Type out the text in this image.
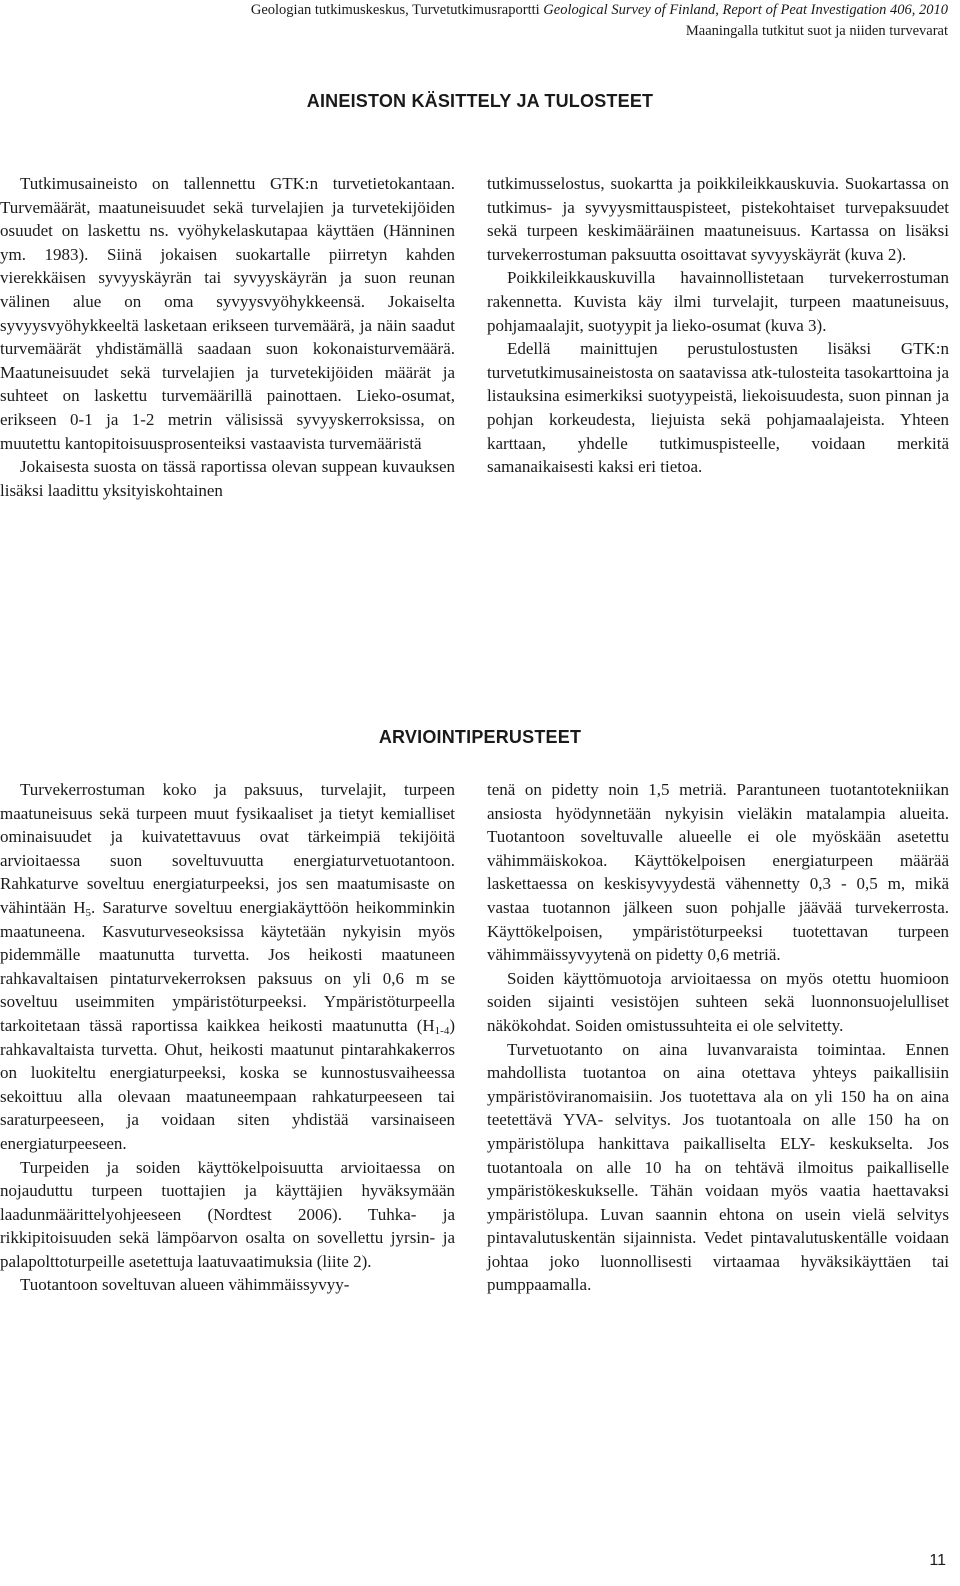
Geologian tutkimuskeskus, Turvetutkimusraportti Geological Survey of Finland, Report of Peat Investigation 406, 2010
Maaningalla tutkitut suot ja niiden turvevarat
AINEISTON KÄSITTELY JA TULOSTEET

Tutkimusaineisto on tallennettu GTK:n turvetietokantaan. Turvemäärät, maatuneisuudet sekä turvelajien ja turvetekijöiden osuudet on laskettu ns. vyöhykelaskutapaa käyttäen (Hänninen ym. 1983). Siinä jokaisen suokartalle piirretyn kahden vierekkäisen syvyyskäyrän tai syvyyskäyrän ja suon reunan välinen alue on oma syvyysvyöhykkeensä. Jokaiselta syvyysvyöhykkeeltä lasketaan erikseen turvemäärä, ja näin saadut turvemäärät yhdistämällä saadaan suon kokonaisturvemäärä. Maatuneisuudet sekä turvelajien ja turvetekijöiden määrät ja suhteet on laskettu turvemäärillä painottaen. Lieko-osumat, erikseen 0-1 ja 1-2 metrin välisissä syvyyskerroksissa, on muutettu kantopitoisuusprosenteiksi vastaavista turvemääristä

Jokaisesta suosta on tässä raportissa olevan suppean kuvauksen lisäksi laadittu yksityiskohtainen

tutkimusselostus, suokartta ja poikkileikkauskuvia. Suokartassa on tutkimus- ja syvyysmittauspisteet, pistekohtaiset turvepaksuudet sekä turpeen keskimääräinen maatuneisuus. Kartassa on lisäksi turvekerrostuman paksuutta osoittavat syvyyskäyrät (kuva 2).

Poikkileikkauskuvilla havainnollistetaan turvekerrostuman rakennetta. Kuvista käy ilmi turvelajit, turpeen maatuneisuus, pohjamaalajit, suotyypit ja lieko-osumat (kuva 3).

Edellä mainittujen perustulostusten lisäksi GTK:n turvetutkimusaineistosta on saatavissa atk-tulosteita tasokarttoina ja listauksina esimerkiksi suotyypeistä, liekoisuudesta, suon pinnan ja pohjan korkeudesta, liejuista sekä pohjamaalajeista. Yhteen karttaan, yhdelle tutkimuspisteelle, voidaan merkitä samanaikaisesti kaksi eri tietoa.

ARVIOINTIPERUSTEET

Turvekerrostuman koko ja paksuus, turvelajit, turpeen maatuneisuus sekä turpeen muut fysikaaliset ja tietyt kemialliset ominaisuudet ja kuivatettavuus ovat tärkeimpiä tekijöitä arvioitaessa suon soveltuvuutta energiaturvetuotantoon. Rahkaturve soveltuu energiaturpeeksi, jos sen maatumisaste on vähintään $H_5$. Saraturve soveltuu energiakäyttöön heikomminkin maatuneena. Kasvuturveseoksissa käytetään nykyisin myös pidemmälle maatunutta turvetta. Jos heikosti maatuneen rahkavaltaisen pintaturvekerroksen paksuus on yli 0,6 m se soveltuu useimmiten ympäristöturpeeksi. Ympäristöturpeella tarkoitetaan tässä raportissa kaikkea heikosti maatunutta $(H_{1-4})$ rahkavaltaista turvetta. Ohut, heikosti maatunut pintarahkakerros on luokiteltu energiaturpeeksi, koska se kunnostusvaiheessa sekoittuu alla olevaan maatuneempaan rahkaturpeeseen tai saraturpeeseen, ja voidaan siten yhdistää varsinaiseen energiaturpeeseen.

Turpeiden ja soiden käyttökelpoisuutta arvioitaessa on nojauduttu turpeen tuottajien ja käyttäjien hyväksymään laadunmäärittelyohjeeseen (Nordtest 2006). Tuhka- ja rikkipitoisuuden sekä lämpöarvon osalta on sovellettu jyrsin- ja palapolttoturpeille asetettuja laatuvaatimuksia (liite 2).

Tuotantoon soveltuvan alueen vähimmäissyvyy-

tenä on pidetty noin 1,5 metriä. Parantuneen tuotantotekniikan ansiosta hyödynnetään nykyisin vieläkin matalampia alueita. Tuotantoon soveltuvalle alueelle ei ole myöskään asetettu vähimmäiskokoa. Käyttökelpoisen energiaturpeen määrää laskettaessa on keskisyvyydestä vähennetty 0,3 - 0,5 m, mikä vastaa tuotannon jälkeen suon pohjalle jäävää turvekerrosta. Käyttökelpoisen, ympäristöturpeeksi tuotettavan turpeen vähimmäissyvyytenä on pidetty 0,6 metriä.

Soiden käyttömuotoja arvioitaessa on myös otettu huomioon soiden sijainti vesistöjen suhteen sekä luonnonsuojelulliset näkökohdat. Soiden omistussuhteita ei ole selvitetty.

Turvetuotanto on aina luvanvaraista toimintaa. Ennen mahdollista tuotantoa on aina otettava yhteys paikallisiin ympäristöviranomaisiin. Jos tuotettava ala on yli 150 ha on aina teetettävä YVA- selvitys. Jos tuotantoala on alle 150 ha on ympäristölupa hankittava paikalliselta ELY- keskukselta. Jos tuotantoala on alle 10 ha on tehtävä ilmoitus paikalliselle ympäristökeskukselle. Tähän voidaan myös vaatia haettavaksi ympäristölupa. Luvan saannin ehtona on usein vielä selvitys pintavalutuskentän sijainnista. Vedet pintavalutuskentälle voidaan johtaa joko luonnollisesti virtaamaa hyväksikäyttäen tai pumppaamalla.

11
